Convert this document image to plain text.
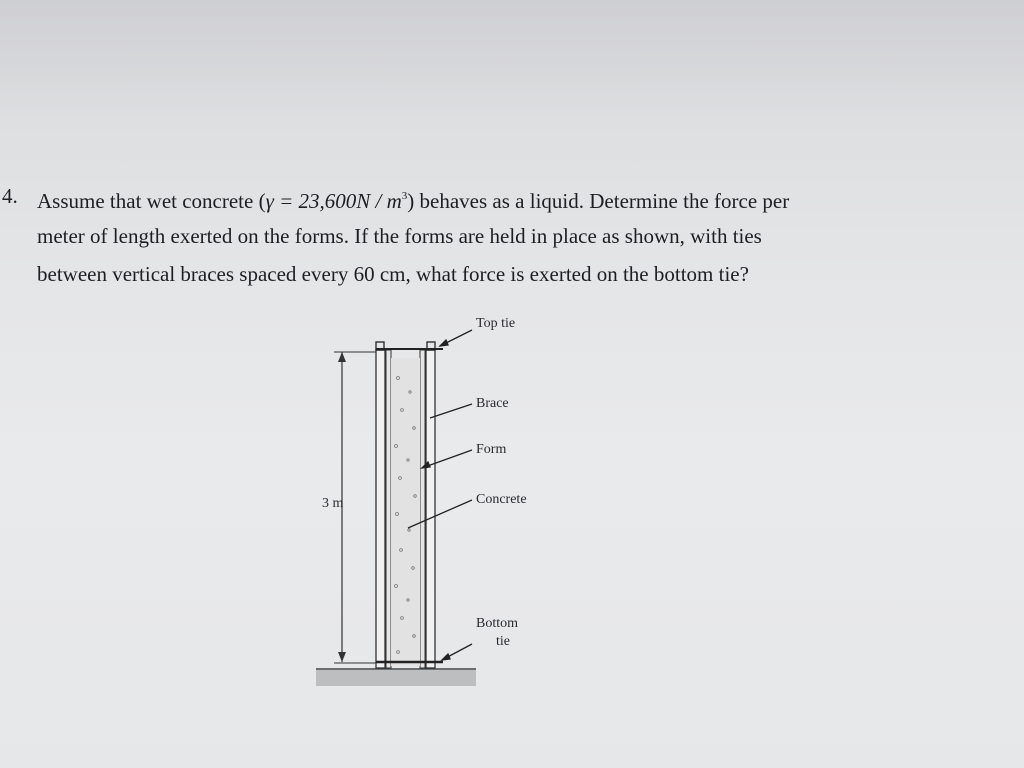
4. Assume that wet concrete $(\gamma = 23,600N / m^3)$ behaves as a liquid. Determine the force per
meter of length exerted on the forms. If the forms are held in place as shown, with ties
between vertical braces spaced every 60 cm, what force is exerted on the bottom tie?
Top tie
Brace
Form
Concrete
Bottom
tie
3 m
